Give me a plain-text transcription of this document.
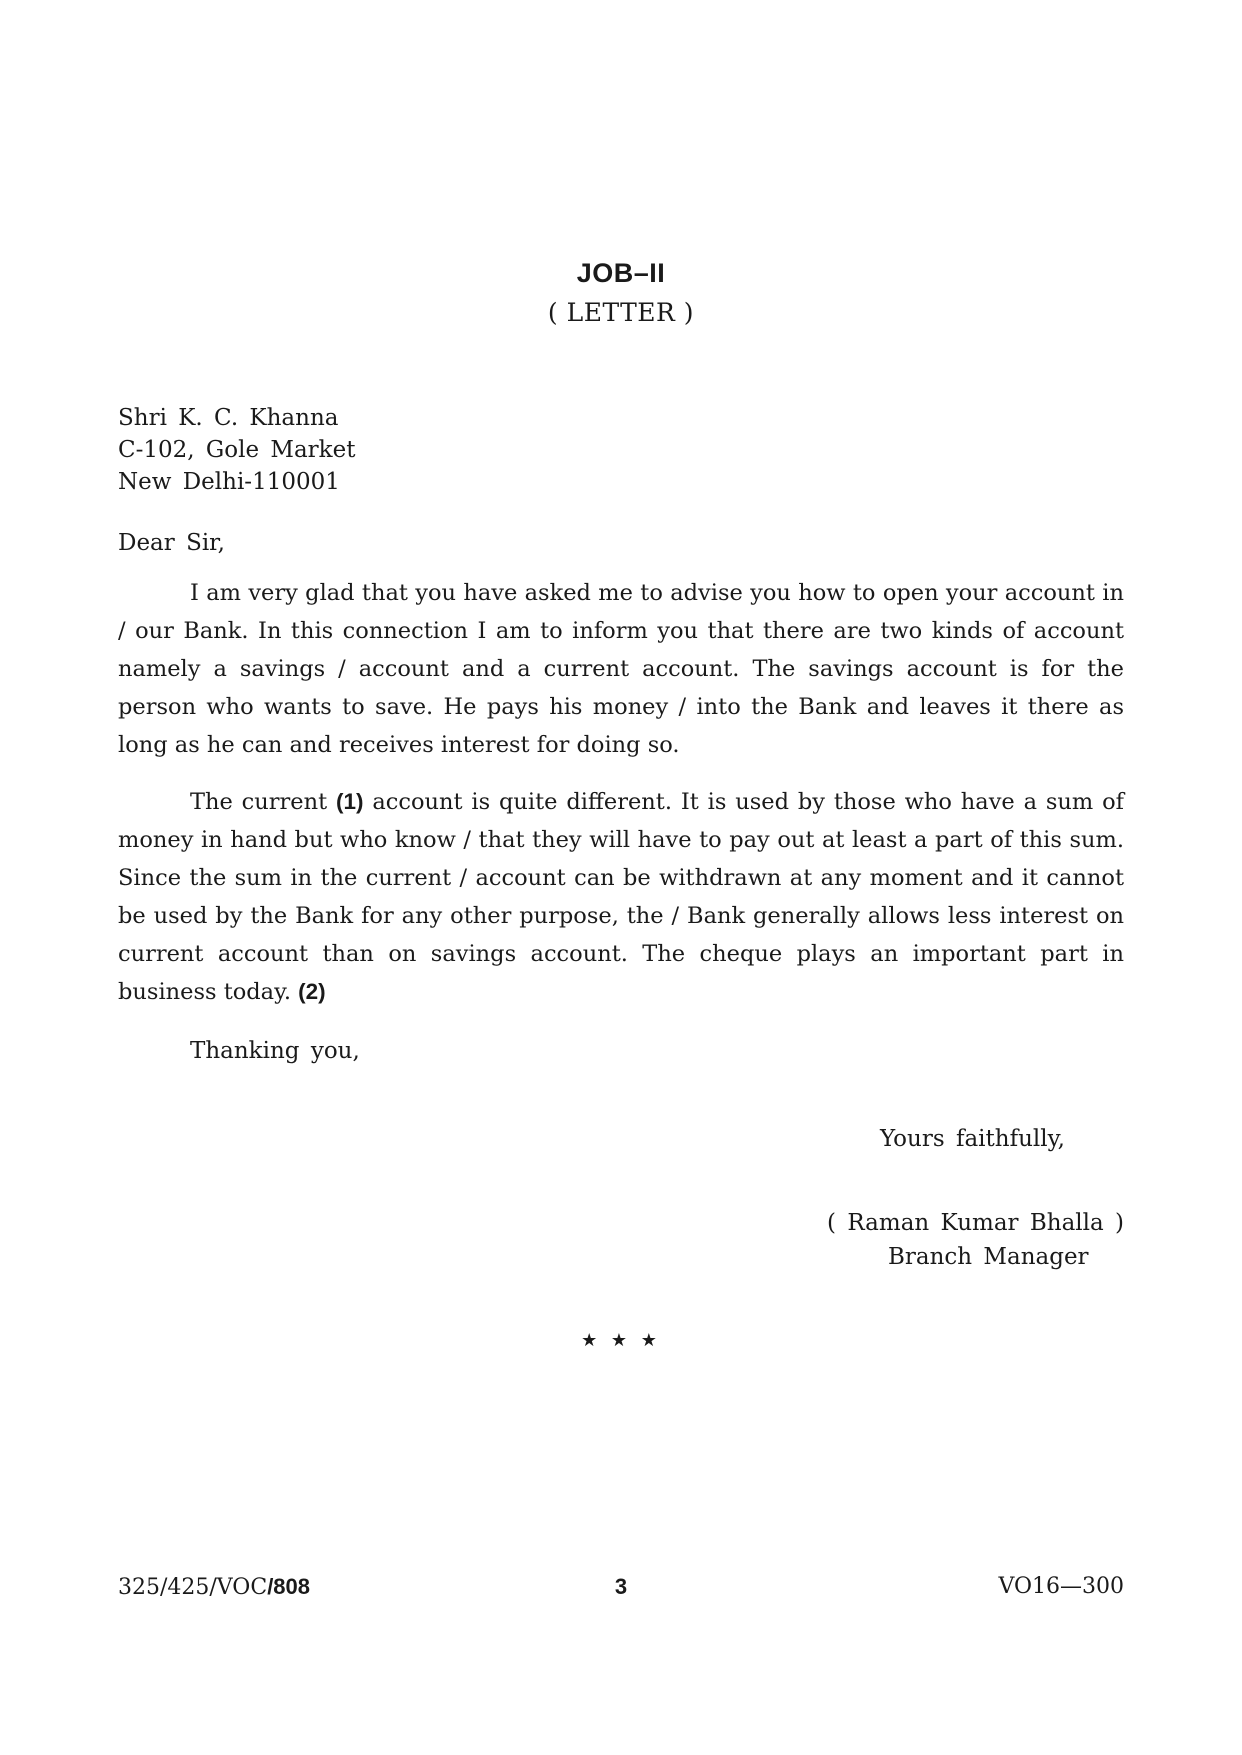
JOB–II
( LETTER )
Shri K. C. Khanna
C-102, Gole Market
New Delhi-110001
Dear Sir,

I am very glad that you have asked me to advise you how to open your account in / our Bank. In this connection I am to inform you that there are two kinds of account namely a savings / account and a current account. The savings account is for the person who wants to save. He pays his money / into the Bank and leaves it there as long as he can and receives interest for doing so.

The current (1) account is quite different. It is used by those who have a sum of money in hand but who know / that they will have to pay out at least a part of this sum. Since the sum in the current / account can be withdrawn at any moment and it cannot be used by the Bank for any other purpose, the / Bank generally allows less interest on current account than on savings account. The cheque plays an important part in business today. (2)

Thanking you,
Yours faithfully,
( Raman Kumar Bhalla )
Branch Manager
★ ★ ★
325/425/VOC/808	3	VO16—300
